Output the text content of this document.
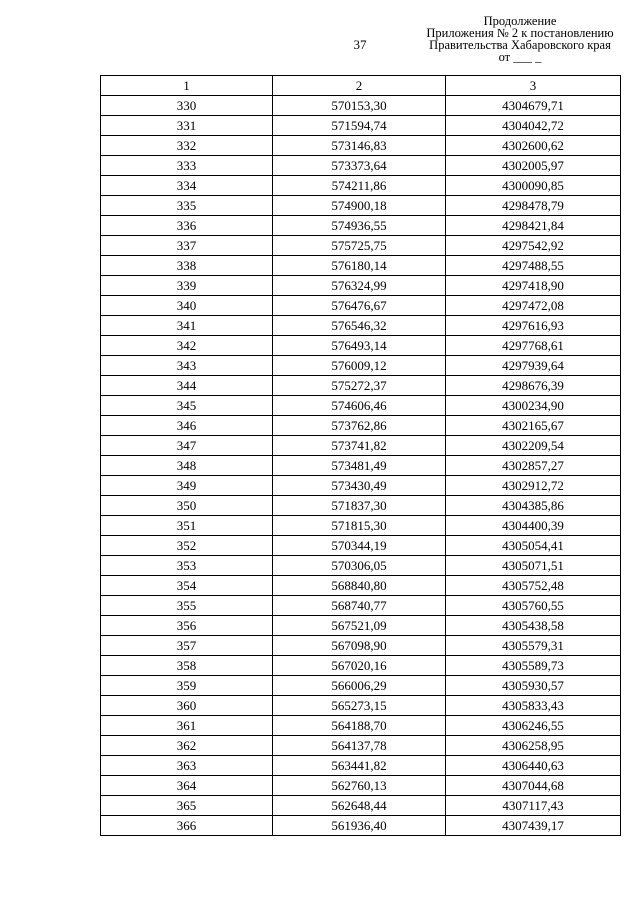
37
Продолжение
Приложения № 2 к постановлению
Правительства Хабаровского края
от ___ _
1	2	3
330	570153,30	4304679,71
331	571594,74	4304042,72
332	573146,83	4302600,62
333	573373,64	4302005,97
334	574211,86	4300090,85
335	574900,18	4298478,79
336	574936,55	4298421,84
337	575725,75	4297542,92
338	576180,14	4297488,55
339	576324,99	4297418,90
340	576476,67	4297472,08
341	576546,32	4297616,93
342	576493,14	4297768,61
343	576009,12	4297939,64
344	575272,37	4298676,39
345	574606,46	4300234,90
346	573762,86	4302165,67
347	573741,82	4302209,54
348	573481,49	4302857,27
349	573430,49	4302912,72
350	571837,30	4304385,86
351	571815,30	4304400,39
352	570344,19	4305054,41
353	570306,05	4305071,51
354	568840,80	4305752,48
355	568740,77	4305760,55
356	567521,09	4305438,58
357	567098,90	4305579,31
358	567020,16	4305589,73
359	566006,29	4305930,57
360	565273,15	4305833,43
361	564188,70	4306246,55
362	564137,78	4306258,95
363	563441,82	4306440,63
364	562760,13	4307044,68
365	562648,44	4307117,43
366	561936,40	4307439,17
